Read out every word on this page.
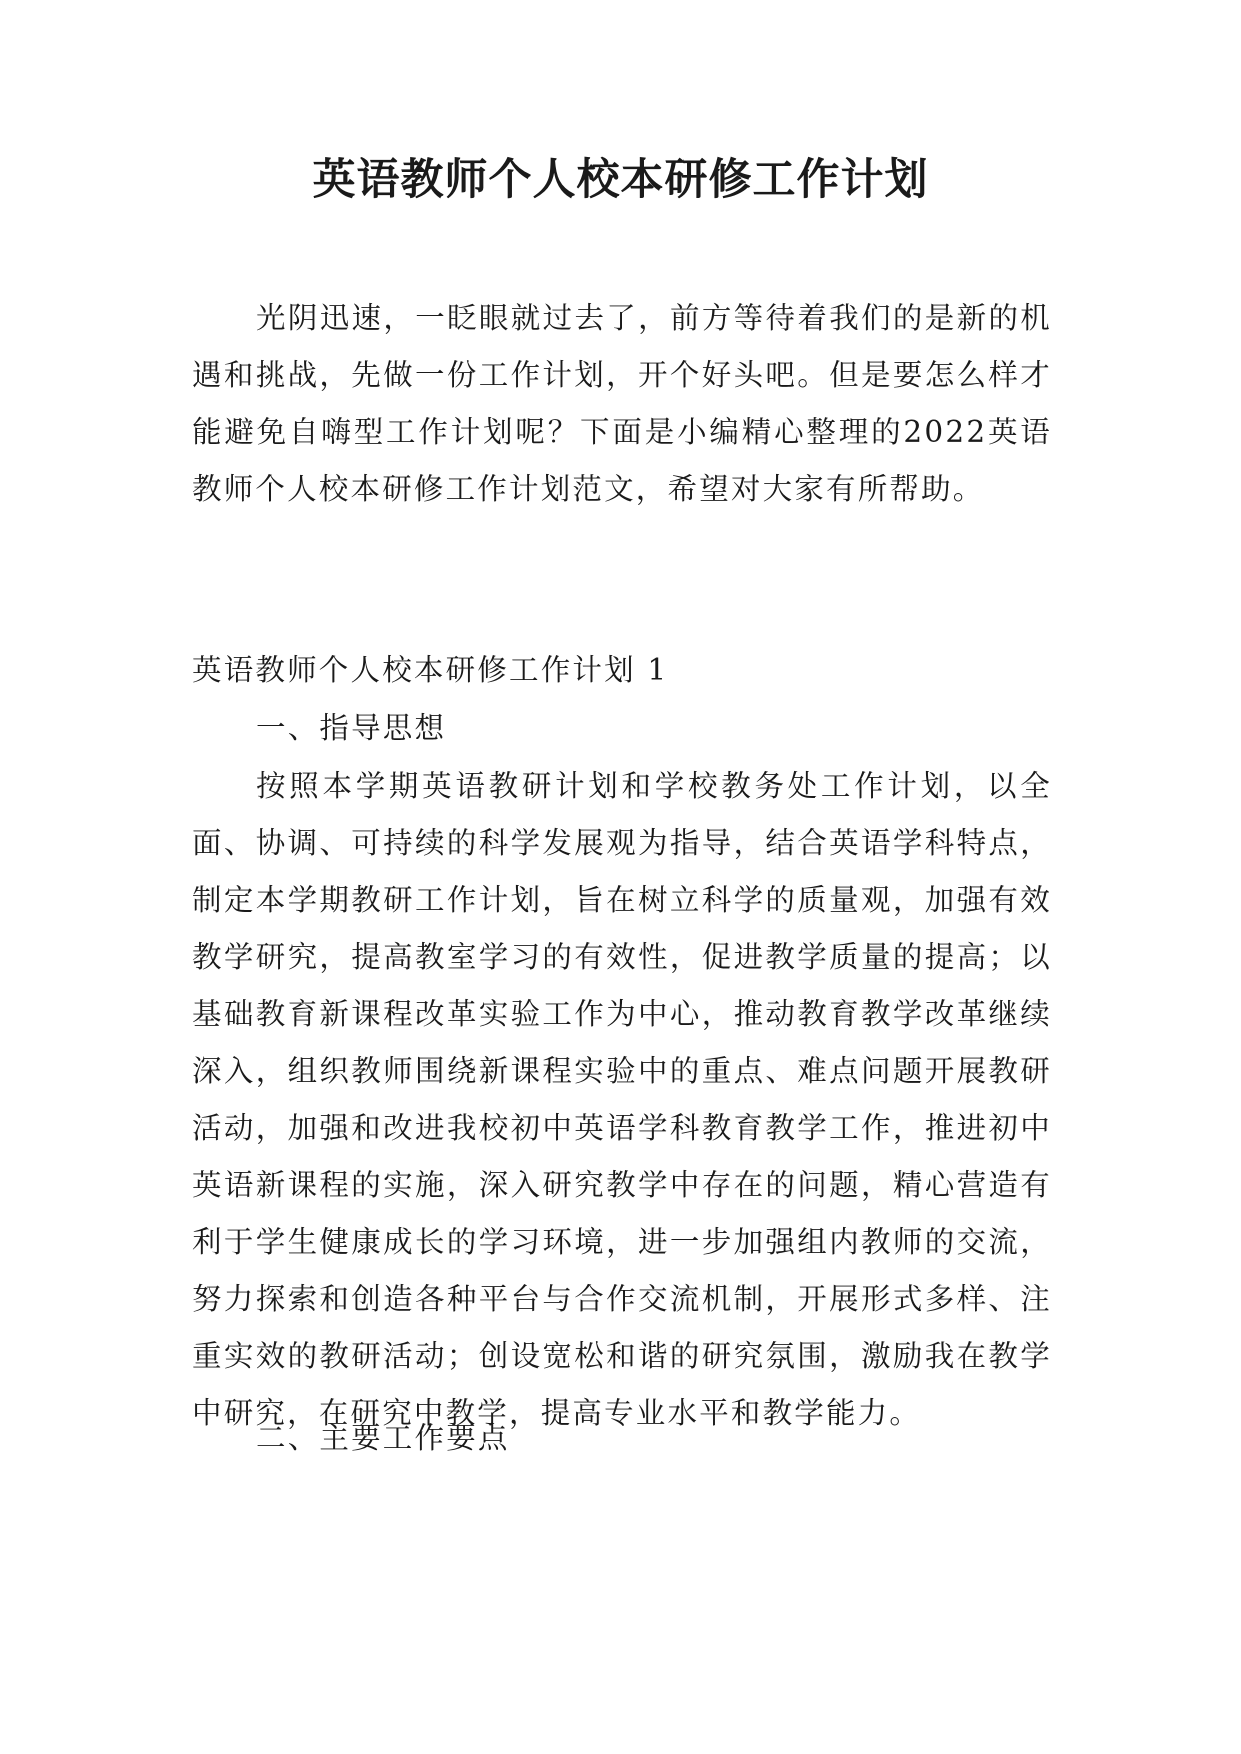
英语教师个人校本研修工作计划

光阴迅速，一眨眼就过去了，前方等待着我们的是新的机遇和挑战，先做一份工作计划，开个好头吧。但是要怎么样才能避免自嗨型工作计划呢？下面是小编精心整理的2022英语教师个人校本研修工作计划范文，希望对大家有所帮助。

英语教师个人校本研修工作计划 1

一、指导思想

按照本学期英语教研计划和学校教务处工作计划，以全面、协调、可持续的科学发展观为指导，结合英语学科特点，制定本学期教研工作计划，旨在树立科学的质量观，加强有效教学研究，提高教室学习的有效性，促进教学质量的提高；以基础教育新课程改革实验工作为中心，推动教育教学改革继续深入，组织教师围绕新课程实验中的重点、难点问题开展教研活动，加强和改进我校初中英语学科教育教学工作，推进初中英语新课程的实施，深入研究教学中存在的问题，精心营造有利于学生健康成长的学习环境，进一步加强组内教师的交流，努力探索和创造各种平台与合作交流机制，开展形式多样、注重实效的教研活动；创设宽松和谐的研究氛围，激励我在教学中研究，在研究中教学，提高专业水平和教学能力。

二、主要工作要点
